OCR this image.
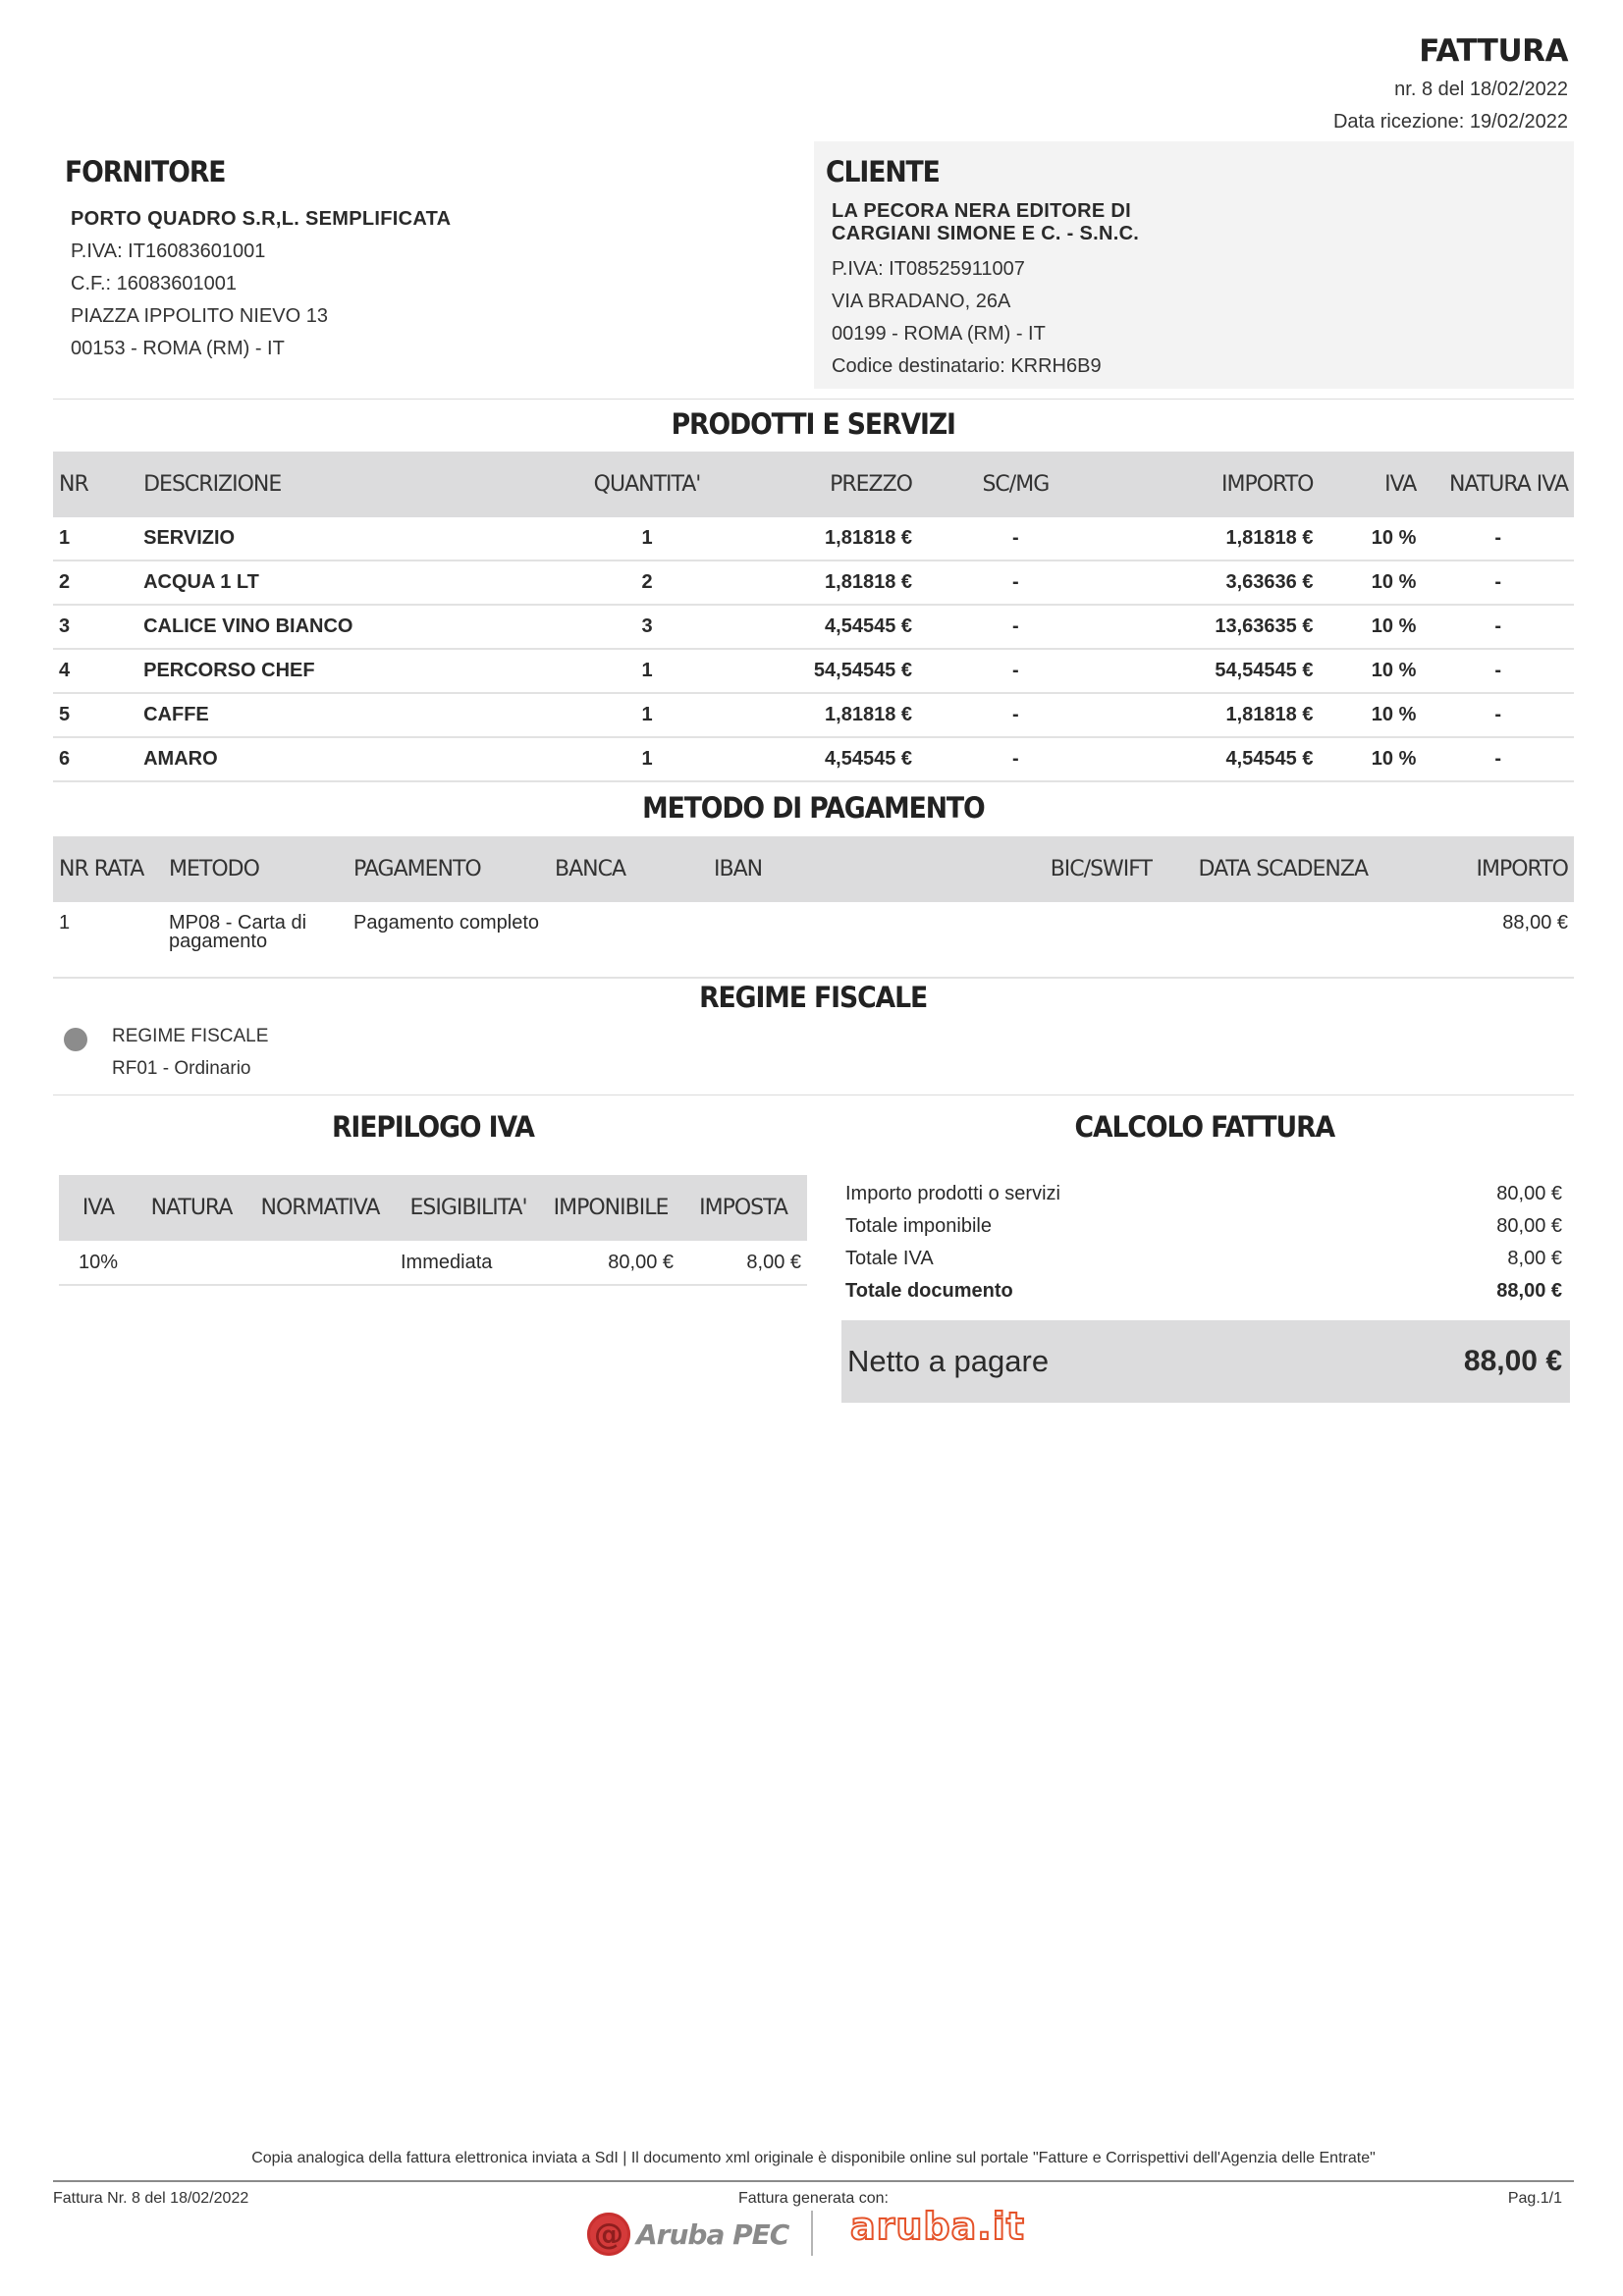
FATTURA
nr. 8 del 18/02/2022
Data ricezione: 19/02/2022
FORNITORE
PORTO QUADRO S.R,L. SEMPLIFICATA
P.IVA: IT16083601001
C.F.: 16083601001
PIAZZA IPPOLITO NIEVO 13
00153 - ROMA (RM) - IT
CLIENTE
LA PECORA NERA EDITORE DI CARGIANI SIMONE E C. - S.N.C.
P.IVA: IT08525911007
VIA BRADANO, 26A
00199 - ROMA (RM) - IT
Codice destinatario: KRRH6B9
PRODOTTI E SERVIZI
NR	DESCRIZIONE	QUANTITA'	PREZZO	SC/MG	IMPORTO	IVA	NATURA IVA
1	SERVIZIO	1	1,81818 €	-	1,81818 €	10 %	-
2	ACQUA 1 LT	2	1,81818 €	-	3,63636 €	10 %	-
3	CALICE VINO BIANCO	3	4,54545 €	-	13,63635 €	10 %	-
4	PERCORSO CHEF	1	54,54545 €	-	54,54545 €	10 %	-
5	CAFFE	1	1,81818 €	-	1,81818 €	10 %	-
6	AMARO	1	4,54545 €	-	4,54545 €	10 %	-
METODO DI PAGAMENTO
NR RATA	METODO	PAGAMENTO	BANCA	IBAN	BIC/SWIFT	DATA SCADENZA	IMPORTO
1	MP08 - Carta di pagamento	Pagamento completo					88,00 €
REGIME FISCALE
REGIME FISCALE
RF01 - Ordinario
RIEPILOGO IVA
IVA	NATURA	NORMATIVA	ESIGIBILITA'	IMPONIBILE	IMPOSTA
10%			Immediata	80,00 €	8,00 €
CALCOLO FATTURA
Importo prodotti o servizi	80,00 €
Totale imponibile	80,00 €
Totale IVA	8,00 €
Totale documento	88,00 €
Netto a pagare	88,00 €
Copia analogica della fattura elettronica inviata a SdI | Il documento xml originale è disponibile online sul portale "Fatture e Corrispettivi dell'Agenzia delle Entrate"
Fattura Nr. 8 del 18/02/2022	Fattura generata con:	Pag.1/1
@ Aruba PEC aruba.it
